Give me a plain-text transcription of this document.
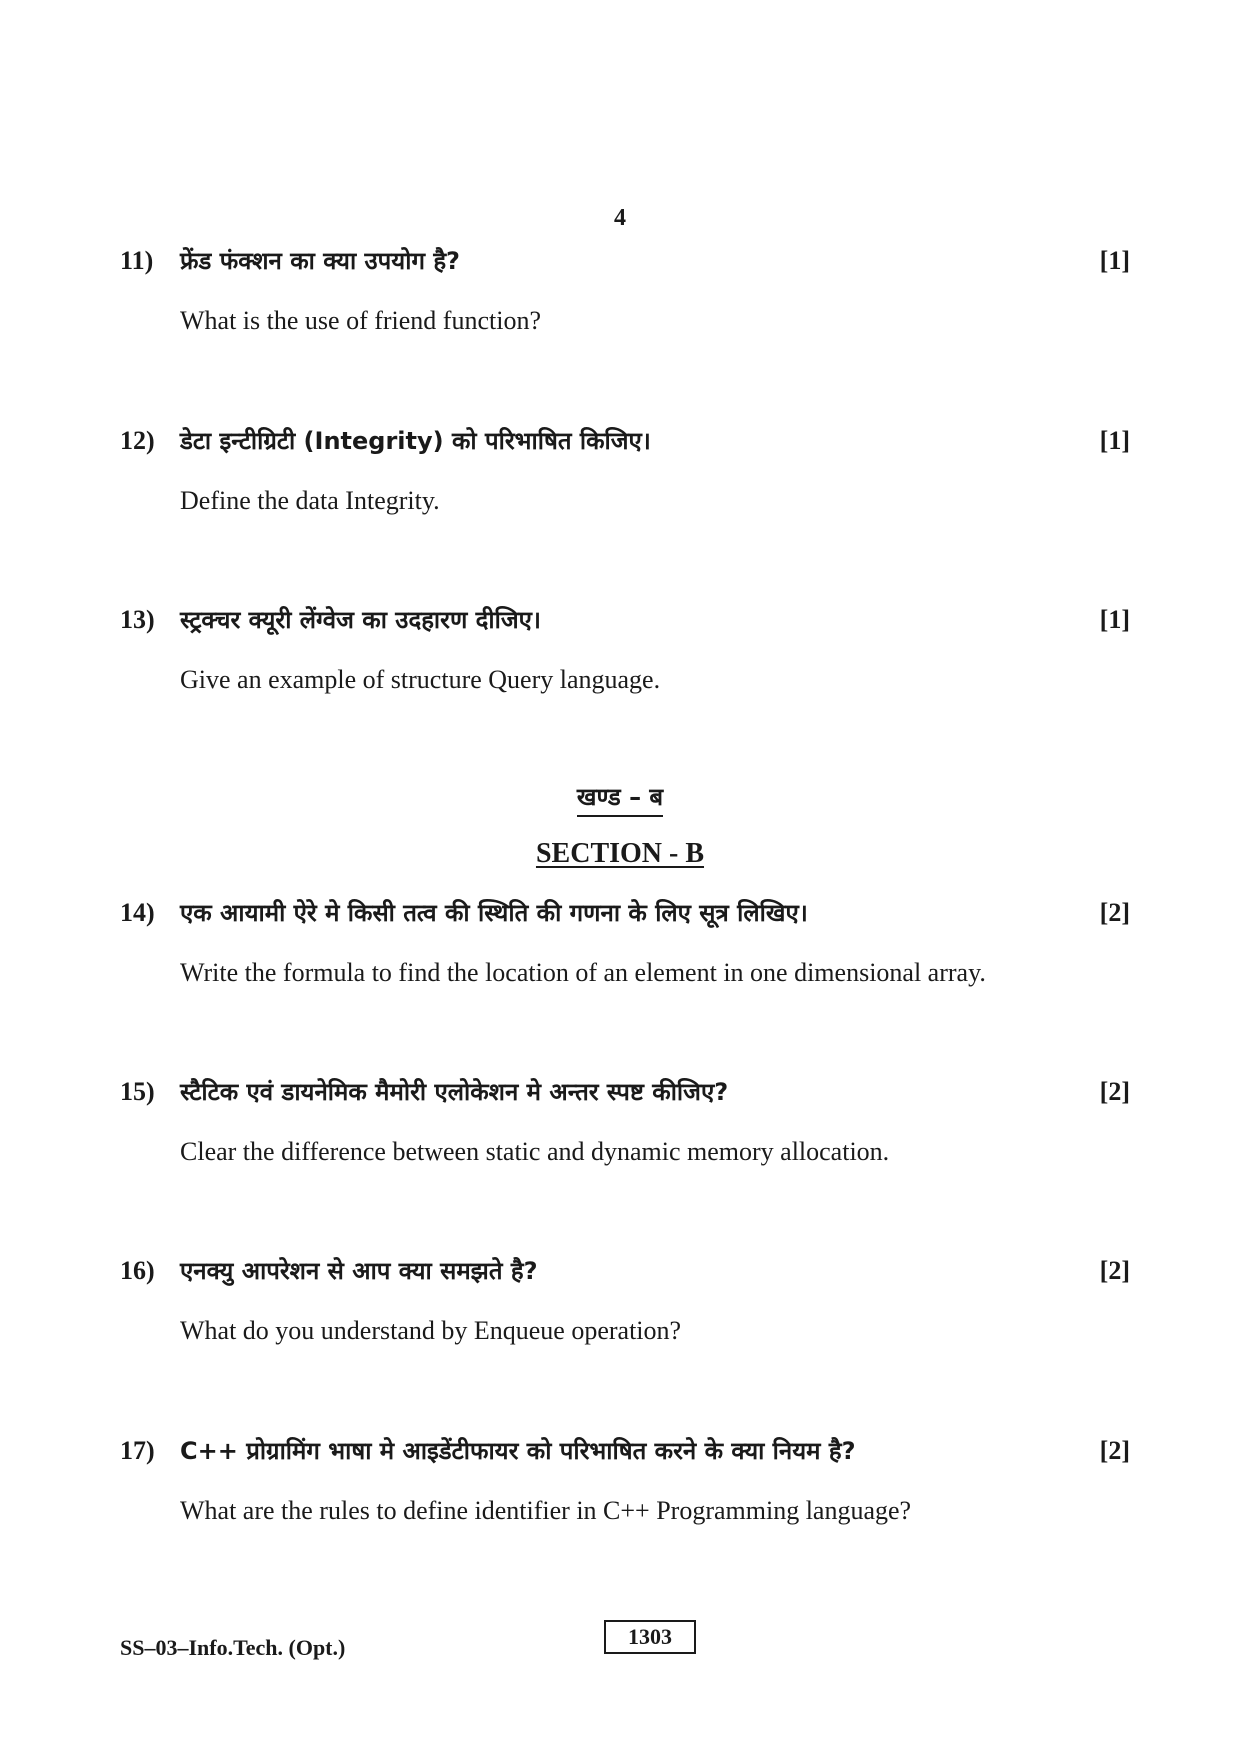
4
11) फ्रेंड फंक्शन का क्या उपयोग है?	[1]
What is the use of friend function?
12) डेटा इन्टीग्रिटी (Integrity) को परिभाषित किजिए।	[1]
Define the data Integrity.
13) स्ट्रक्चर क्यूरी लेंग्वेज का उदहारण दीजिए।	[1]
Give an example of structure Query language.
खण्ड – ब
SECTION - B
14) एक आयामी ऐरे मे किसी तत्व की स्थिति की गणना के लिए सूत्र लिखिए।	[2]
Write the formula to find the location of an element in one dimensional array.
15) स्टैटिक एवं डायनेमिक मैमोरी एलोकेशन मे अन्तर स्पष्ट कीजिए?	[2]
Clear the difference between static and dynamic memory allocation.
16) एनक्यु आपरेशन से आप क्या समझते है?	[2]
What do you understand by Enqueue operation?
17) C++ प्रोग्रामिंग भाषा मे आइडेंटीफायर को परिभाषित करने के क्या नियम है?	[2]
What are the rules to define identifier in C++ Programming language?
SS–03–Info.Tech. (Opt.)	1303
